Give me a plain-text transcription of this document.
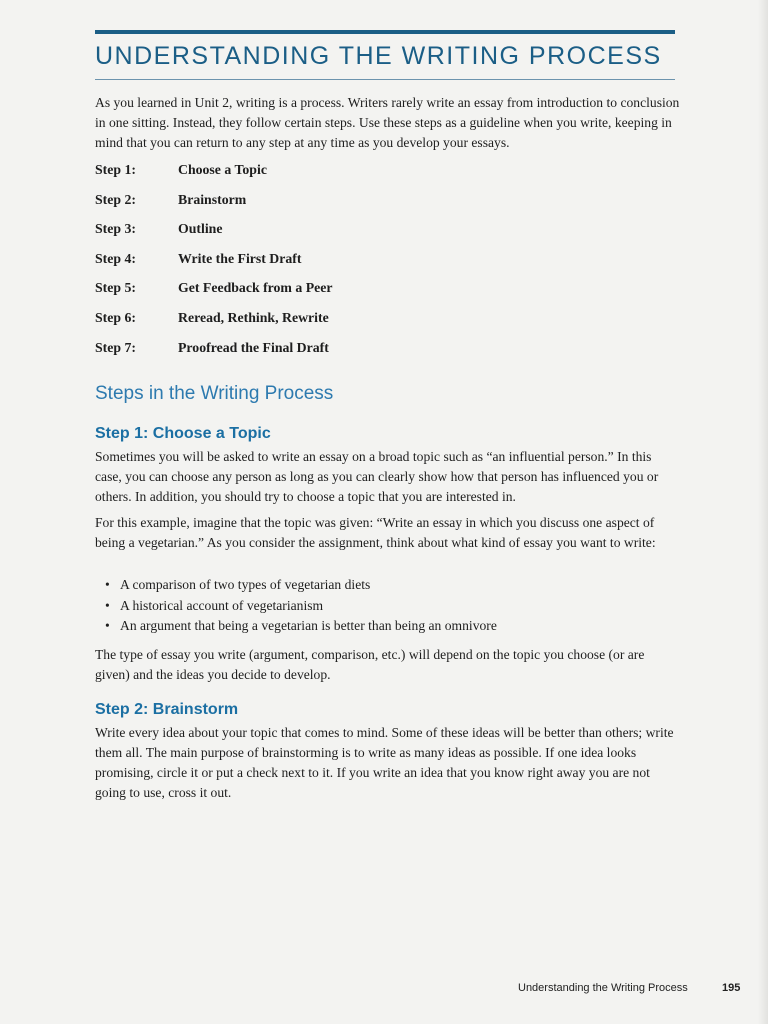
UNDERSTANDING THE WRITING PROCESS

As you learned in Unit 2, writing is a process. Writers rarely write an essay from introduction to conclusion in one sitting. Instead, they follow certain steps. Use these steps as a guideline when you write, keeping in mind that you can return to any step at any time as you develop your essays.

Step 1:	Choose a Topic
Step 2:	Brainstorm
Step 3:	Outline
Step 4:	Write the First Draft
Step 5:	Get Feedback from a Peer
Step 6:	Reread, Rethink, Rewrite
Step 7:	Proofread the Final Draft
Steps in the Writing Process
Step 1: Choose a Topic

Sometimes you will be asked to write an essay on a broad topic such as “an influential person.” In this case, you can choose any person as long as you can clearly show how that person has influenced you or others. In addition, you should try to choose a topic that you are interested in.

For this example, imagine that the topic was given: “Write an essay in which you discuss one aspect of being a vegetarian.” As you consider the assignment, think about what kind of essay you want to write:

• A comparison of two types of vegetarian diets
• A historical account of vegetarianism
• An argument that being a vegetarian is better than being an omnivore

The type of essay you write (argument, comparison, etc.) will depend on the topic you choose (or are given) and the ideas you decide to develop.

Step 2: Brainstorm

Write every idea about your topic that comes to mind. Some of these ideas will be better than others; write them all. The main purpose of brainstorming is to write as many ideas as possible. If one idea looks promising, circle it or put a check next to it. If you write an idea that you know right away you are not going to use, cross it out.

Understanding the Writing Process	195
